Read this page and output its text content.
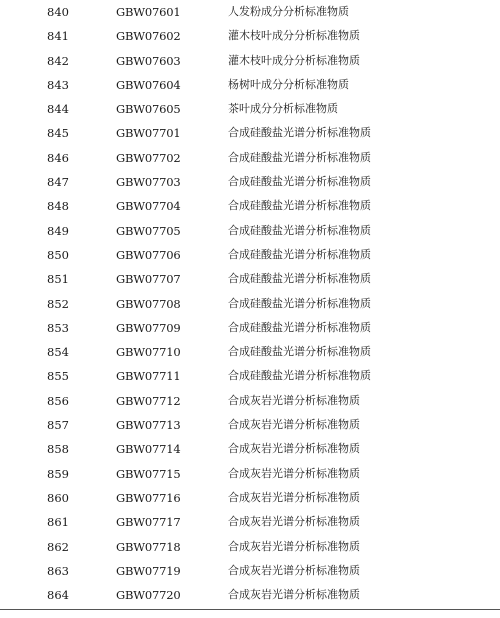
840	GBW07601	人发粉成分分析标准物质
841	GBW07602	灌木枝叶成分分析标准物质
842	GBW07603	灌木枝叶成分分析标准物质
843	GBW07604	杨树叶成分分析标准物质
844	GBW07605	茶叶成分分析标准物质
845	GBW07701	合成硅酸盐光谱分析标准物质
846	GBW07702	合成硅酸盐光谱分析标准物质
847	GBW07703	合成硅酸盐光谱分析标准物质
848	GBW07704	合成硅酸盐光谱分析标准物质
849	GBW07705	合成硅酸盐光谱分析标准物质
850	GBW07706	合成硅酸盐光谱分析标准物质
851	GBW07707	合成硅酸盐光谱分析标准物质
852	GBW07708	合成硅酸盐光谱分析标准物质
853	GBW07709	合成硅酸盐光谱分析标准物质
854	GBW07710	合成硅酸盐光谱分析标准物质
855	GBW07711	合成硅酸盐光谱分析标准物质
856	GBW07712	合成灰岩光谱分析标准物质
857	GBW07713	合成灰岩光谱分析标准物质
858	GBW07714	合成灰岩光谱分析标准物质
859	GBW07715	合成灰岩光谱分析标准物质
860	GBW07716	合成灰岩光谱分析标准物质
861	GBW07717	合成灰岩光谱分析标准物质
862	GBW07718	合成灰岩光谱分析标准物质
863	GBW07719	合成灰岩光谱分析标准物质
864	GBW07720	合成灰岩光谱分析标准物质
